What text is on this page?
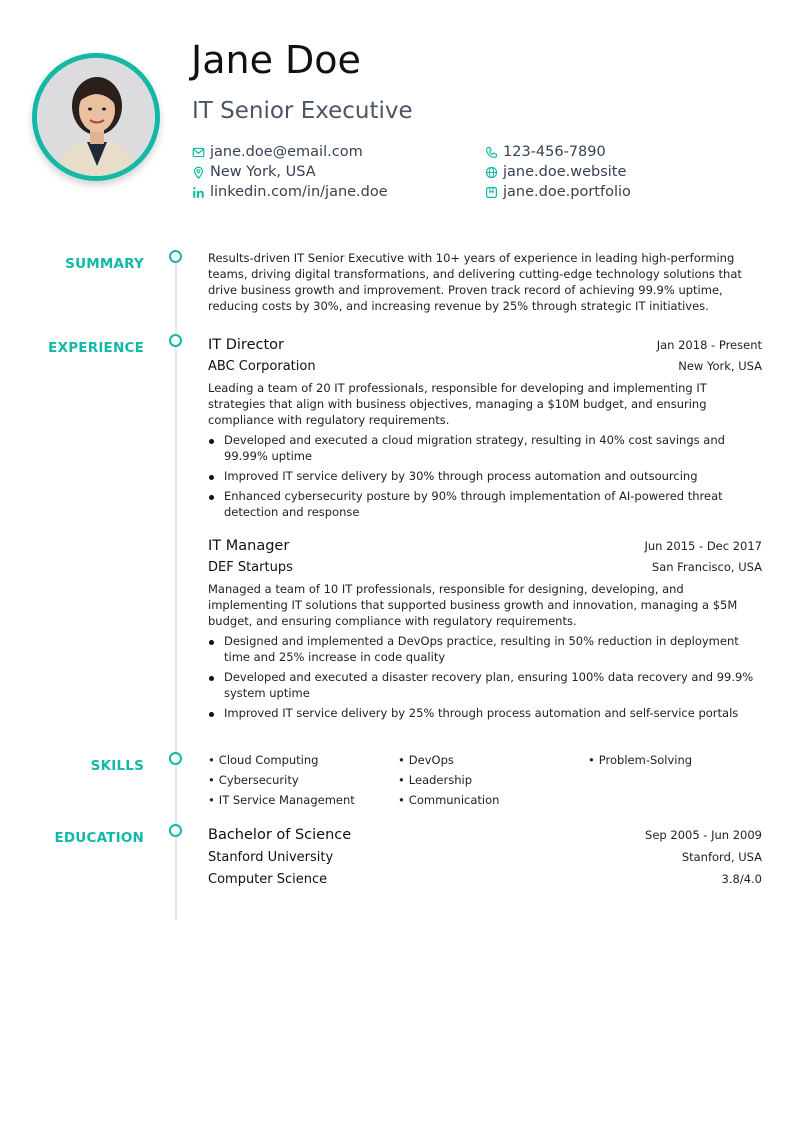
Jane Doe
IT Senior Executive
jane.doe@email.com	123-456-7890
New York, USA	jane.doe.website
linkedin.com/in/jane.doe	jane.doe.portfolio
SUMMARY	Results-driven IT Senior Executive with 10+ years of experience in leading high-performing teams, driving digital transformations, and delivering cutting-edge technology solutions that drive business growth and improvement. Proven track record of achieving 99.9% uptime, reducing costs by 30%, and increasing revenue by 25% through strategic IT initiatives.

EXPERIENCE	IT Director	Jan 2018 - Present
ABC Corporation	New York, USA

Leading a team of 20 IT professionals, responsible for developing and implementing IT strategies that align with business objectives, managing a $10M budget, and ensuring compliance with regulatory requirements.

Developed and executed a cloud migration strategy, resulting in 40% cost savings and 99.99% uptime
Improved IT service delivery by 30% through process automation and outsourcing
Enhanced cybersecurity posture by 90% through implementation of AI-powered threat detection and response
IT Manager	Jun 2015 - Dec 2017
DEF Startups	San Francisco, USA

Managed a team of 10 IT professionals, responsible for designing, developing, and implementing IT solutions that supported business growth and innovation, managing a $5M budget, and ensuring compliance with regulatory requirements.

Designed and implemented a DevOps practice, resulting in 50% reduction in deployment time and 25% increase in code quality
Developed and executed a disaster recovery plan, ensuring 100% data recovery and 99.9% system uptime
Improved IT service delivery by 25% through process automation and self-service portals
SKILLS	• Cloud Computing	• DevOps	• Problem-Solving
• Cybersecurity	• Leadership
• IT Service Management	• Communication
EDUCATION	Bachelor of Science	Sep 2005 - Jun 2009
Stanford University	Stanford, USA
Computer Science	3.8/4.0
